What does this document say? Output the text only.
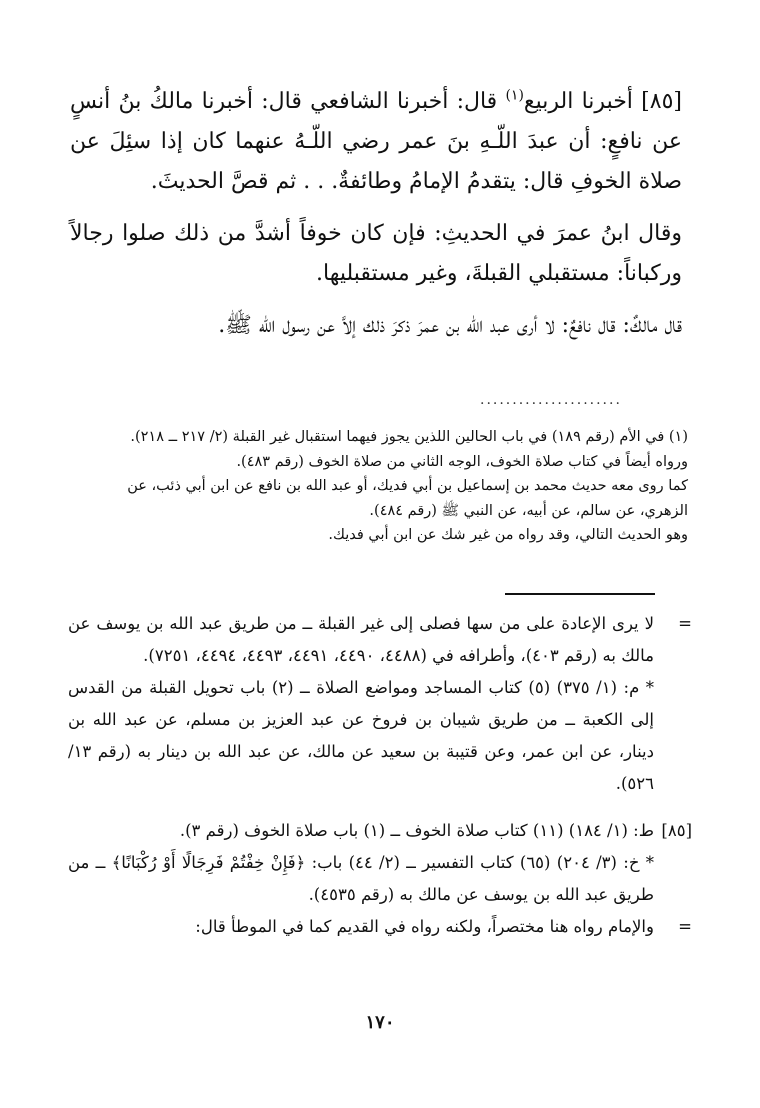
[٨٥] أخبرنا الربيع$^{(١)}$ قال: أخبرنا الشافعي قال: أخبرنا مالكُ بنُ أنسٍ عن نافعٍ: أن عبدَ اللّـهِ بنَ عمر رضي اللّـهُ عنهما كان إذا سئِلَ عن صلاة الخوفِ قال: يتقدمُ الإمامُ وطائفةٌ. . . ثم قصَّ الحديثَ.

وقال ابنُ عمرَ في الحديثِ: فإن كان خوفاً أشدَّ من ذلك صلوا رجالاً وركباناً: مستقبلي القبلةَ، وغير مستقبليها.

قال مالكٌ: قال نافعٌ: لا أرى عبد الله بن عمرَ ذكرَ ذلك إلاَّ عن رسول الله ﷺ.

......................

(١) في الأم (رقم ١٨٩) في باب الحالين اللذين يجوز فيهما استقبال غير القبلة (٢/ ٢١٧ ــ ٢١٨).

ورواه أيضاً في كتاب صلاة الخوف، الوجه الثاني من صلاة الخوف (رقم ٤٨٣).

كما روى معه حديث محمد بن إسماعيل بن أبي فديك، أو عبد الله بن نافع عن ابن أبي ذئب، عن الزهري، عن سالم، عن أبيه، عن النبي ﷺ (رقم ٤٨٤).

وهو الحديث التالي، وقد رواه من غير شك عن ابن أبي فديك.

=

لا يرى الإعادة على من سها فصلى إلى غير القبلة ــ من طريق عبد الله بن يوسف عن مالك به (رقم ٤٠٣)، وأطرافه في (٤٤٨٨، ٤٤٩٠، ٤٤٩١، ٤٤٩٣، ٤٤٩٤، ٧٢٥١).

* م: (١/ ٣٧٥) (٥) كتاب المساجد ومواضع الصلاة ــ (٢) باب تحويل القبلة من القدس إلى الكعبة ــ من طريق شيبان بن فروخ عن عبد العزيز بن مسلم، عن عبد الله بن دينار، عن ابن عمر، وعن قتيبة بن سعيد عن مالك، عن عبد الله بن دينار به (رقم ١٣/ ٥٢٦).

[٨٥]

ط: (١/ ١٨٤) (١١) كتاب صلاة الخوف ــ (١) باب صلاة الخوف (رقم ٣).

* خ: (٣/ ٢٠٤) (٦٥) كتاب التفسير ــ (٢/ ٤٤) باب: ﴿فَإِنْ خِفْتُمْ فَرِجَالًا أَوْ رُكْبَانًا﴾ ــ من طريق عبد الله بن يوسف عن مالك به (رقم ٤٥٣٥).

=

والإمام رواه هنا مختصراً، ولكنه رواه في القديم كما في الموطأ قال:

١٧٠
